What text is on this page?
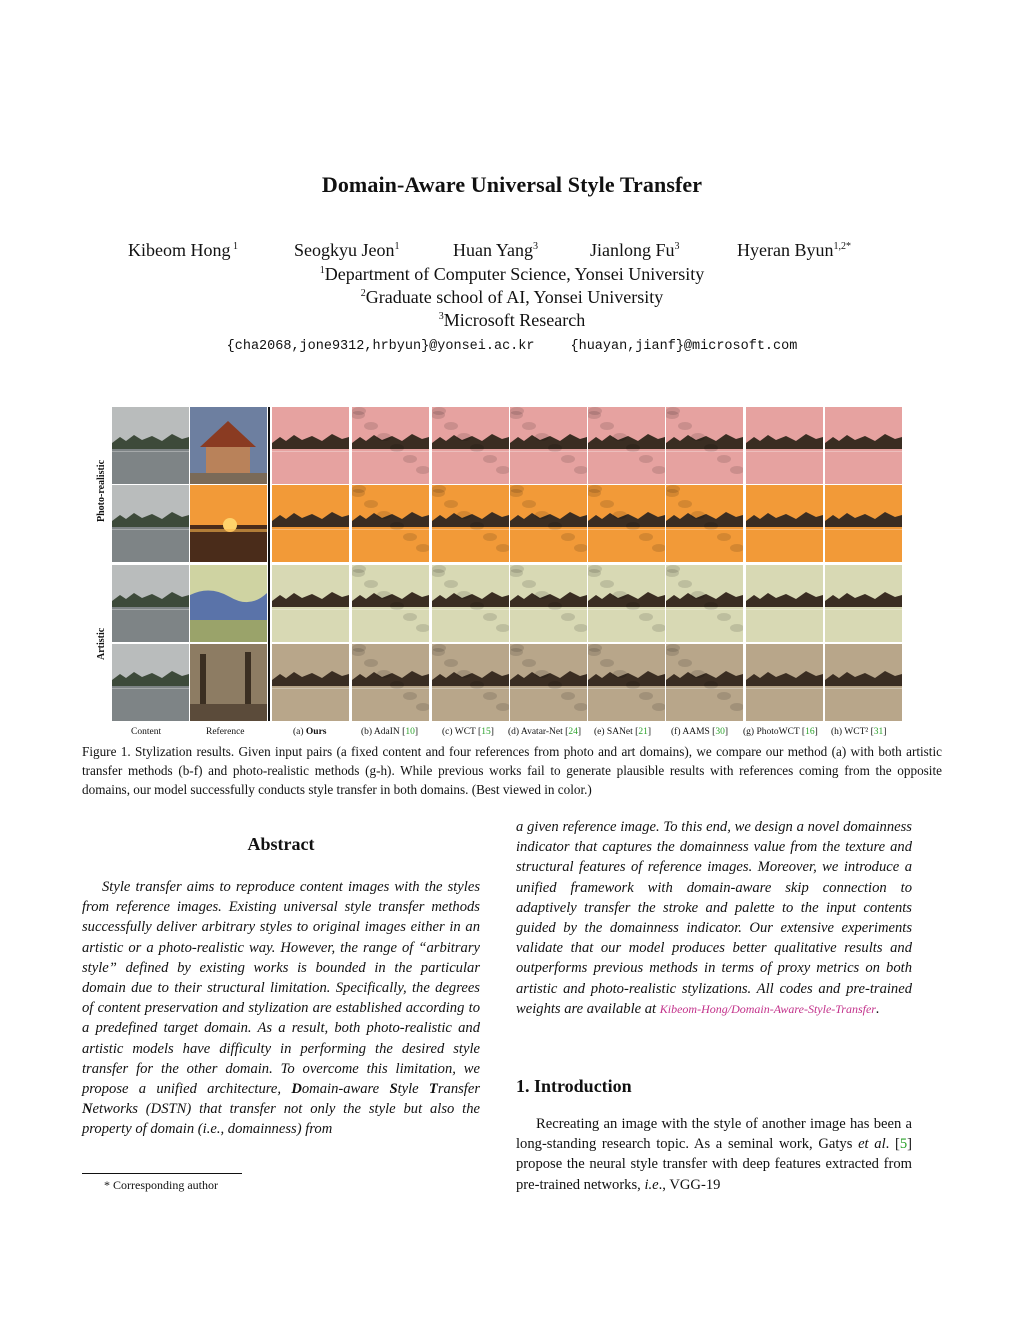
Domain-Aware Universal Style Transfer
Kibeom Hong $^1$	Seogkyu Jeon$^1$	Huan Yang$^3$	Jianlong Fu$^3$	Hyeran Byun$^{1,2*}$
$^1$Department of Computer Science, Yonsei University
$^2$Graduate school of AI, Yonsei University
$^3$Microsoft Research
{cha2068,jone9312,hrbyun}@yonsei.ac.kr	{huayan,jianf}@microsoft.com
Photo-realistic
Artistic
Content	Reference	(a) Ours	(b) AdaIN [10]	(c) WCT [15] (d) Avatar-Net [24] (e) SANet [21] (f) AAMS [30] (g) PhotoWCT [16] (h) WCT² [31]
Figure 1. Stylization results. Given input pairs (a fixed content and four references from photo and art domains), we compare our method (a) with both artistic transfer methods (b-f) and photo-realistic methods (g-h). While previous works fail to generate plausible results with references coming from the opposite domains, our model successfully conducts style transfer in both domains. (Best viewed in color.)
Abstract

Style transfer aims to reproduce content images with the styles from reference images. Existing universal style transfer methods successfully deliver arbitrary styles to original images either in an artistic or a photo-realistic way. However, the range of “arbitrary style” defined by existing works is bounded in the particular domain due to their structural limitation. Specifically, the degrees of content preservation and stylization are established according to a predefined target domain. As a result, both photo-realistic and artistic models have difficulty in performing the desired style transfer for the other domain. To overcome this limitation, we propose a unified architecture, Domain-aware Style Transfer Networks (DSTN) that transfer not only the style but also the property of domain (i.e., domainness) from

* Corresponding author

a given reference image. To this end, we design a novel domainness indicator that captures the domainness value from the texture and structural features of reference images. Moreover, we introduce a unified framework with domain-aware skip connection to adaptively transfer the stroke and palette to the input contents guided by the domainness indicator. Our extensive experiments validate that our model produces better qualitative results and outperforms previous methods in terms of proxy metrics on both artistic and photo-realistic stylizations. All codes and pre-trained weights are available at Kibeom-Hong/Domain-Aware-Style-Transfer.

1. Introduction

Recreating an image with the style of another image has been a long-standing research topic. As a seminal work, Gatys et al. [5] propose the neural style transfer with deep features extracted from pre-trained networks, i.e., VGG-19
